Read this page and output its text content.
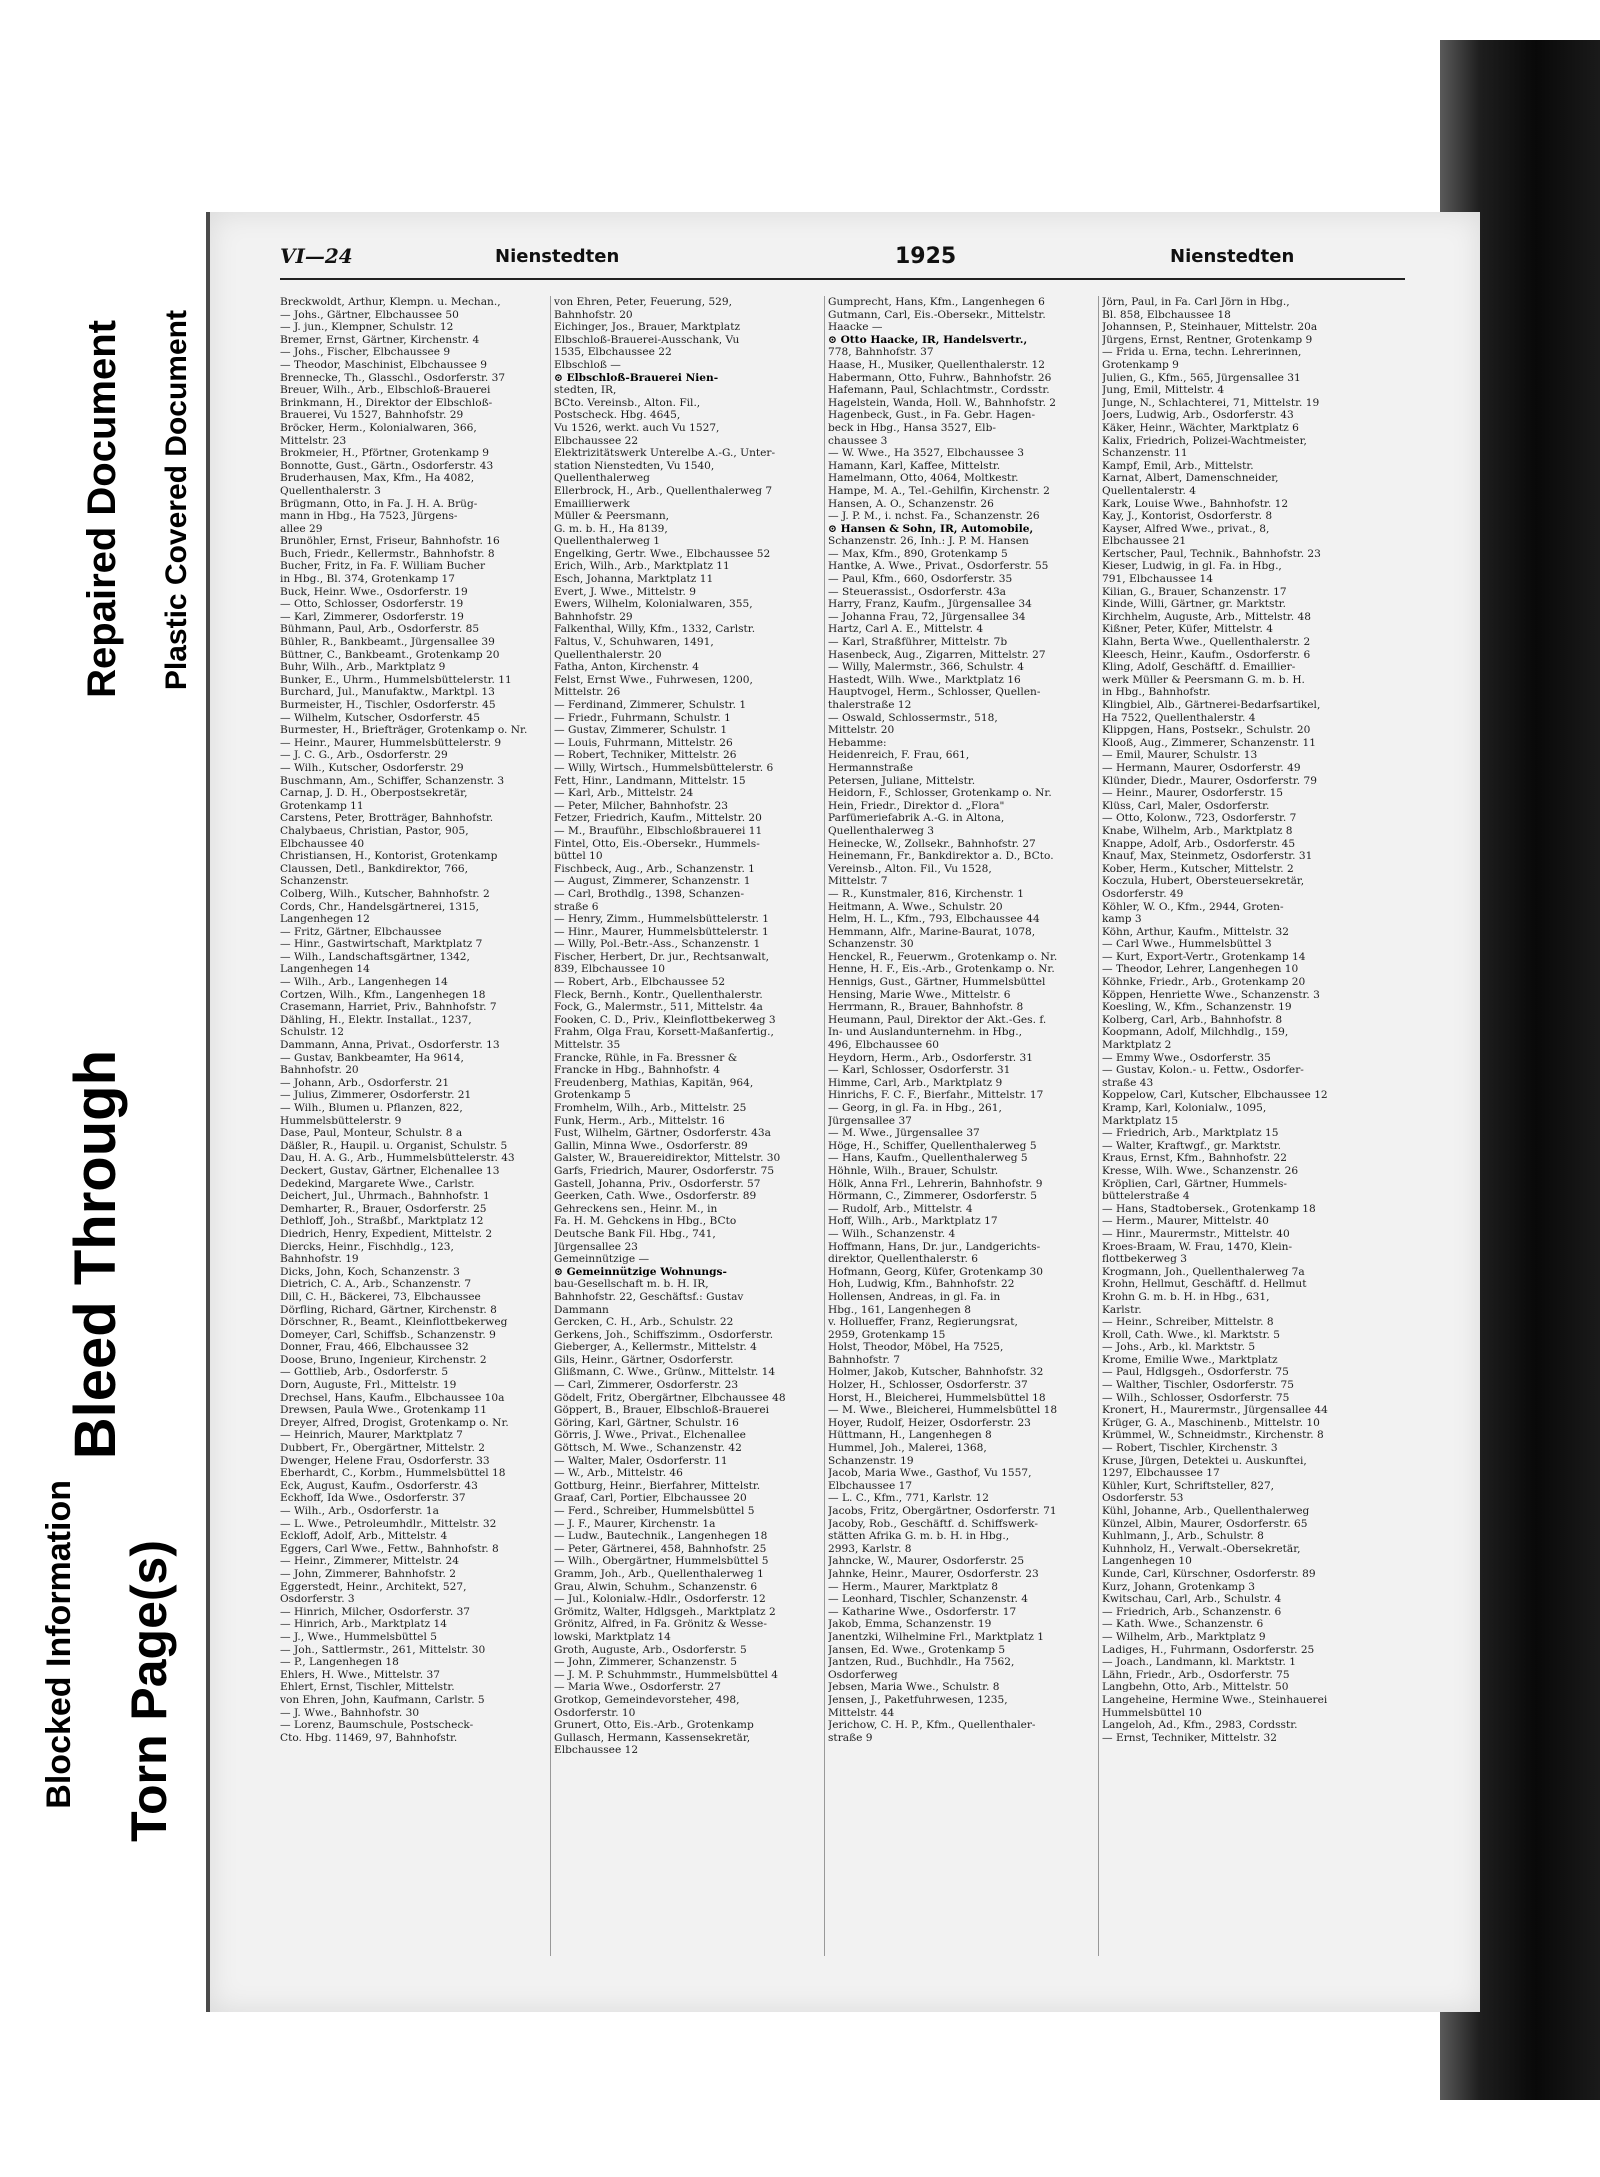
Repaired Document Plastic Covered Document
Bleed Through
Blocked Information Torn Page(s)
VI—24	Nienstedten	1925	Nienstedten
Breckwoldt, Arthur, Klempn. u. Mechan.,
— Johs., Gärtner, Elbchaussee 50
— J. jun., Klempner, Schulstr. 12
Bremer, Ernst, Gärtner, Kirchenstr. 4
— Johs., Fischer, Elbchaussee 9
— Theodor, Maschinist, Elbchaussee 9
Brennecke, Th., Glasschl., Osdorferstr. 37
Breuer, Wilh., Arb., Elbschloß-Brauerei
Brinkmann, H., Direktor der Elbschloß-
Brauerei, Vu 1527, Bahnhofstr. 29
Bröcker, Herm., Kolonialwaren, 366,
Mittelstr. 23
Brokmeier, H., Pförtner, Grotenkamp 9
Bonnotte, Gust., Gärtn., Osdorferstr. 43
Bruderhausen, Max, Kfm., Ha 4082,
Quellenthalerstr. 3
Brügmann, Otto, in Fa. J. H. A. Brüg-
mann in Hbg., Ha 7523, Jürgens-
allee 29
Brunöhler, Ernst, Friseur, Bahnhofstr. 16
Buch, Friedr., Kellermstr., Bahnhofstr. 8
Bucher, Fritz, in Fa. F. William Bucher
in Hbg., Bl. 374, Grotenkamp 17
Buck, Heinr. Wwe., Osdorferstr. 19
— Otto, Schlosser, Osdorferstr. 19
— Karl, Zimmerer, Osdorferstr. 19
Bühmann, Paul, Arb., Osdorferstr. 85
Bühler, R., Bankbeamt., Jürgensallee 39
Büttner, C., Bankbeamt., Grotenkamp 20
Buhr, Wilh., Arb., Marktplatz 9
Bunker, E., Uhrm., Hummelsbüttelerstr. 11
Burchard, Jul., Manufaktw., Marktpl. 13
Burmeister, H., Tischler, Osdorferstr. 45
— Wilhelm, Kutscher, Osdorferstr. 45
Burmester, H., Briefträger, Grotenkamp o. Nr.
— Heinr., Maurer, Hummelsbüttelerstr. 9
— J. C. G., Arb., Osdorferstr. 29
— Wilh., Kutscher, Osdorferstr. 29
Buschmann, Am., Schiffer, Schanzenstr. 3
Carnap, J. D. H., Oberpostsekretär,
Grotenkamp 11
Carstens, Peter, Brotträger, Bahnhofstr.
Chalybaeus, Christian, Pastor, 905,
Elbchaussee 40
Christiansen, H., Kontorist, Grotenkamp
Claussen, Detl., Bankdirektor, 766,
Schanzenstr.
Colberg, Wilh., Kutscher, Bahnhofstr. 2
Cords, Chr., Handelsgärtnerei, 1315,
Langenhegen 12
— Fritz, Gärtner, Elbchaussee
— Hinr., Gastwirtschaft, Marktplatz 7
— Wilh., Landschaftsgärtner, 1342,
Langenhegen 14
— Wilh., Arb., Langenhegen 14
Cortzen, Wilh., Kfm., Langenhegen 18
Crasemann, Harriet, Priv., Bahnhofstr. 7
Dähling, H., Elektr. Installat., 1237,
Schulstr. 12
Dammann, Anna, Privat., Osdorferstr. 13
— Gustav, Bankbeamter, Ha 9614,
Bahnhofstr. 20
— Johann, Arb., Osdorferstr. 21
— Julius, Zimmerer, Osdorferstr. 21
— Wilh., Blumen u. Pflanzen, 822,
Hummelsbüttelerstr. 9
Dase, Paul, Monteur, Schulstr. 8 a
Däßler, R., Haupil. u. Organist, Schulstr. 5
Dau, H. A. G., Arb., Hummelsbüttelerstr. 43
Deckert, Gustav, Gärtner, Elchenallee 13
Dedekind, Margarete Wwe., Carlstr.
Deichert, Jul., Uhrmach., Bahnhofstr. 1
Demharter, R., Brauer, Osdorferstr. 25
Dethloff, Joh., Straßbf., Marktplatz 12
Diedrich, Henry, Expedient, Mittelstr. 2
Diercks, Heinr., Fischhdlg., 123,
Bahnhofstr. 19
Dicks, John, Koch, Schanzenstr. 3
Dietrich, C. A., Arb., Schanzenstr. 7
Dill, C. H., Bäckerei, 73, Elbchaussee
Dörfling, Richard, Gärtner, Kirchenstr. 8
Dörschner, R., Beamt., Kleinflottbekerweg
Domeyer, Carl, Schiffsb., Schanzenstr. 9
Donner, Frau, 466, Elbchaussee 32
Doose, Bruno, Ingenieur, Kirchenstr. 2
— Gottlieb, Arb., Osdorferstr. 5
Dorn, Auguste, Frl., Mittelstr. 19
Drechsel, Hans, Kaufm., Elbchaussee 10a
Drewsen, Paula Wwe., Grotenkamp 11
Dreyer, Alfred, Drogist, Grotenkamp o. Nr.
— Heinrich, Maurer, Marktplatz 7
Dubbert, Fr., Obergärtner, Mittelstr. 2
Dwenger, Helene Frau, Osdorferstr. 33
Eberhardt, C., Korbm., Hummelsbüttel 18
Eck, August, Kaufm., Osdorferstr. 43
Eckhoff, Ida Wwe., Osdorferstr. 37
— Wilh., Arb., Osdorferstr. 1a
— L. Wwe., Petroleumhdlr., Mittelstr. 32
Eckloff, Adolf, Arb., Mittelstr. 4
Eggers, Carl Wwe., Fettw., Bahnhofstr. 8
— Heinr., Zimmerer, Mittelstr. 24
— John, Zimmerer, Bahnhofstr. 2
Eggerstedt, Heinr., Architekt, 527,
Osdorferstr. 3
— Hinrich, Milcher, Osdorferstr. 37
— Hinrich, Arb., Marktplatz 14
— J., Wwe., Hummelsbüttel 5
— Joh., Sattlermstr., 261, Mittelstr. 30
— P., Langenhegen 18
Ehlers, H. Wwe., Mittelstr. 37
Ehlert, Ernst, Tischler, Mittelstr.
von Ehren, John, Kaufmann, Carlstr. 5
— J. Wwe., Bahnhofstr. 30
— Lorenz, Baumschule, Postscheck-
Cto. Hbg. 11469, 97, Bahnhofstr.
von Ehren, Peter, Feuerung, 529,
Bahnhofstr. 20
Eichinger, Jos., Brauer, Marktplatz
Elbschloß-Brauerei-Ausschank, Vu
1535, Elbchaussee 22
Elbschloß —
⊙ Elbschloß-Brauerei Nien-
stedten, IR,
BCto. Vereinsb., Alton. Fil.,
Postscheck. Hbg. 4645,
Vu 1526, werkt. auch Vu 1527,
Elbchaussee 22
Elektrizitätswerk Unterelbe A.-G., Unter-
station Nienstedten, Vu 1540,
Quellenthalerweg
Ellerbrock, H., Arb., Quellenthalerweg 7
Emaillierwerk
Müller & Peersmann,
G. m. b. H., Ha 8139,
Quellenthalerweg 1
Engelking, Gertr. Wwe., Elbchaussee 52
Erich, Wilh., Arb., Marktplatz 11
Esch, Johanna, Marktplatz 11
Evert, J. Wwe., Mittelstr. 9
Ewers, Wilhelm, Kolonialwaren, 355,
Bahnhofstr. 29
Falkenthal, Willy, Kfm., 1332, Carlstr.
Faltus, V., Schuhwaren, 1491,
Quellenthalerstr. 20
Fatha, Anton, Kirchenstr. 4
Felst, Ernst Wwe., Fuhrwesen, 1200,
Mittelstr. 26
— Ferdinand, Zimmerer, Schulstr. 1
— Friedr., Fuhrmann, Schulstr. 1
— Gustav, Zimmerer, Schulstr. 1
— Louis, Fuhrmann, Mittelstr. 26
— Robert, Techniker, Mittelstr. 26
— Willy, Wirtsch., Hummelsbüttelerstr. 6
Fett, Hinr., Landmann, Mittelstr. 15
— Karl, Arb., Mittelstr. 24
— Peter, Milcher, Bahnhofstr. 23
Fetzer, Friedrich, Kaufm., Mittelstr. 20
— M., Brauführ., Elbschloßbrauerei 11
Fintel, Otto, Eis.-Obersekr., Hummels-
büttel 10
Fischbeck, Aug., Arb., Schanzenstr. 1
— August, Zimmerer, Schanzenstr. 1
— Carl, Brothdlg., 1398, Schanzen-
straße 6
— Henry, Zimm., Hummelsbüttelerstr. 1
— Hinr., Maurer, Hummelsbüttelerstr. 1
— Willy, Pol.-Betr.-Ass., Schanzenstr. 1
Fischer, Herbert, Dr. jur., Rechtsanwalt,
839, Elbchaussee 10
— Robert, Arb., Elbchaussee 52
Fleck, Bernh., Kontr., Quellenthalerstr.
Fock, G., Malermstr., 511, Mittelstr. 4a
Fooken, C. D., Priv., Kleinflottbekerweg 3
Frahm, Olga Frau, Korsett-Maßanfertig.,
Mittelstr. 35
Francke, Rühle, in Fa. Bressner &
Francke in Hbg., Bahnhofstr. 4
Freudenberg, Mathias, Kapitän, 964,
Grotenkamp 5
Fromhelm, Wilh., Arb., Mittelstr. 25
Funk, Herm., Arb., Mittelstr. 16
Fust, Wilhelm, Gärtner, Osdorferstr. 43a
Gallin, Minna Wwe., Osdorferstr. 89
Galster, W., Brauereidirektor, Mittelstr. 30
Garfs, Friedrich, Maurer, Osdorferstr. 75
Gastell, Johanna, Priv., Osdorferstr. 57
Geerken, Cath. Wwe., Osdorferstr. 89
Gehreckens sen., Heinr. M., in
Fa. H. M. Gehckens in Hbg., BCto
Deutsche Bank Fil. Hbg., 741,
Jürgensallee 23
Gemeinnützige —
⊙ Gemeinnützige Wohnungs-
bau-Gesellschaft m. b. H. IR,
Bahnhofstr. 22, Geschäftsf.: Gustav
Dammann
Gercken, C. H., Arb., Schulstr. 22
Gerkens, Joh., Schiffszimm., Osdorferstr.
Gieberger, A., Kellermstr., Mittelstr. 4
Gils, Heinr., Gärtner, Osdorferstr.
Glißmann, C. Wwe., Grünw., Mittelstr. 14
— Carl, Zimmerer, Osdorferstr. 23
Gödelt, Fritz, Obergärtner, Elbchaussee 48
Göppert, B., Brauer, Elbschloß-Brauerei
Göring, Karl, Gärtner, Schulstr. 16
Görris, J. Wwe., Privat., Elchenallee
Göttsch, M. Wwe., Schanzenstr. 42
— Walter, Maler, Osdorferstr. 11
— W., Arb., Mittelstr. 46
Gottburg, Heinr., Bierfahrer, Mittelstr.
Graaf, Carl, Portier, Elbchaussee 20
— Ferd., Schreiber, Hummelsbüttel 5
— J. F., Maurer, Kirchenstr. 1a
— Ludw., Bautechnik., Langenhegen 18
— Peter, Gärtnerei, 458, Bahnhofstr. 25
— Wilh., Obergärtner, Hummelsbüttel 5
Gramm, Joh., Arb., Quellenthalerweg 1
Grau, Alwin, Schuhm., Schanzenstr. 6
— Jul., Kolonialw.-Hdlr., Osdorferstr. 12
Grömitz, Walter, Hdlgsgeh., Marktplatz 2
Grönitz, Alfred, in Fa. Grönitz & Wesse-
lowski, Marktplatz 14
Groth, Auguste, Arb., Osdorferstr. 5
— John, Zimmerer, Schanzenstr. 5
— J. M. P. Schuhmmstr., Hummelsbüttel 4
— Maria Wwe., Osdorferstr. 27
Grotkop, Gemeindevorsteher, 498,
Osdorferstr. 10
Grunert, Otto, Eis.-Arb., Grotenkamp
Gullasch, Hermann, Kassensekretär,
Elbchaussee 12
Gumprecht, Hans, Kfm., Langenhegen 6
Gutmann, Carl, Eis.-Obersekr., Mittelstr.
Haacke —
⊙ Otto Haacke, IR, Handelsvertr.,
778, Bahnhofstr. 37
Haase, H., Musiker, Quellenthalerstr. 12
Habermann, Otto, Fuhrw., Bahnhofstr. 26
Hafemann, Paul, Schlachtmstr., Cordsstr.
Hagelstein, Wanda, Holl. W., Bahnhofstr. 2
Hagenbeck, Gust., in Fa. Gebr. Hagen-
beck in Hbg., Hansa 3527, Elb-
chaussee 3
— W. Wwe., Ha 3527, Elbchaussee 3
Hamann, Karl, Kaffee, Mittelstr.
Hamelmann, Otto, 4064, Moltkestr.
Hampe, M. A., Tel.-Gehilfin, Kirchenstr. 2
Hansen, A. O., Schanzenstr. 26
— J. P. M., i. nchst. Fa., Schanzenstr. 26
⊙ Hansen & Sohn, IR, Automobile,
Schanzenstr. 26, Inh.: J. P. M. Hansen
— Max, Kfm., 890, Grotenkamp 5
Hantke, A. Wwe., Privat., Osdorferstr. 55
— Paul, Kfm., 660, Osdorferstr. 35
— Steuerassist., Osdorferstr. 43a
Harry, Franz, Kaufm., Jürgensallee 34
— Johanna Frau, 72, Jürgensallee 34
Hartz, Carl A. E., Mittelstr. 4
— Karl, Straßführer, Mittelstr. 7b
Hasenbeck, Aug., Zigarren, Mittelstr. 27
— Willy, Malermstr., 366, Schulstr. 4
Hastedt, Wilh. Wwe., Marktplatz 16
Hauptvogel, Herm., Schlosser, Quellen-
thalerstraße 12
— Oswald, Schlossermstr., 518,
Mittelstr. 20
Hebamme:
Heidenreich, F. Frau, 661,
Hermannstraße
Petersen, Juliane, Mittelstr.
Heidorn, F., Schlosser, Grotenkamp o. Nr.
Hein, Friedr., Direktor d. „Flora"
Parfümeriefabrik A.-G. in Altona,
Quellenthalerweg 3
Heinecke, W., Zollsekr., Bahnhofstr. 27
Heinemann, Fr., Bankdirektor a. D., BCto.
Vereinsb., Alton. Fil., Vu 1528,
Mittelstr. 7
— R., Kunstmaler, 816, Kirchenstr. 1
Heitmann, A. Wwe., Schulstr. 20
Helm, H. L., Kfm., 793, Elbchaussee 44
Hemmann, Alfr., Marine-Baurat, 1078,
Schanzenstr. 30
Henckel, R., Feuerwm., Grotenkamp o. Nr.
Henne, H. F., Eis.-Arb., Grotenkamp o. Nr.
Hennigs, Gust., Gärtner, Hummelsbüttel
Hensing, Marie Wwe., Mittelstr. 6
Herrmann, R., Brauer, Bahnhofstr. 8
Heumann, Paul, Direktor der Akt.-Ges. f.
In- und Auslandunternehm. in Hbg.,
496, Elbchaussee 60
Heydorn, Herm., Arb., Osdorferstr. 31
— Karl, Schlosser, Osdorferstr. 31
Himme, Carl, Arb., Marktplatz 9
Hinrichs, F. C. F., Bierfahr., Mittelstr. 17
— Georg, in gl. Fa. in Hbg., 261,
Jürgensallee 37
— M. Wwe., Jürgensallee 37
Höge, H., Schiffer, Quellenthalerweg 5
— Hans, Kaufm., Quellenthalerweg 5
Höhnle, Wilh., Brauer, Schulstr.
Hölk, Anna Frl., Lehrerin, Bahnhofstr. 9
Hörmann, C., Zimmerer, Osdorferstr. 5
— Rudolf, Arb., Mittelstr. 4
Hoff, Wilh., Arb., Marktplatz 17
— Wilh., Schanzenstr. 4
Hoffmann, Hans, Dr. jur., Landgerichts-
direktor, Quellenthalerstr. 6
Hofmann, Georg, Küfer, Grotenkamp 30
Hoh, Ludwig, Kfm., Bahnhofstr. 22
Hollensen, Andreas, in gl. Fa. in
Hbg., 161, Langenhegen 8
v. Hollueffer, Franz, Regierungsrat,
2959, Grotenkamp 15
Holst, Theodor, Möbel, Ha 7525,
Bahnhofstr. 7
Holmer, Jakob, Kutscher, Bahnhofstr. 32
Holzer, H., Schlosser, Osdorferstr. 37
Horst, H., Bleicherei, Hummelsbüttel 18
— M. Wwe., Bleicherei, Hummelsbüttel 18
Hoyer, Rudolf, Heizer, Osdorferstr. 23
Hüttmann, H., Langenhegen 8
Hummel, Joh., Malerei, 1368,
Schanzenstr. 19
Jacob, Maria Wwe., Gasthof, Vu 1557,
Elbchaussee 17
— L. C., Kfm., 771, Karlstr. 12
Jacobs, Fritz, Obergärtner, Osdorferstr. 71
Jacoby, Rob., Geschäftf. d. Schiffswerk-
stätten Afrika G. m. b. H. in Hbg.,
2993, Karlstr. 8
Jahncke, W., Maurer, Osdorferstr. 25
Jahnke, Heinr., Maurer, Osdorferstr. 23
— Herm., Maurer, Marktplatz 8
— Leonhard, Tischler, Schanzenstr. 4
— Katharine Wwe., Osdorferstr. 17
Jakob, Emma, Schanzenstr. 19
Janentzki, Wilhelmine Frl., Marktplatz 1
Jansen, Ed. Wwe., Grotenkamp 5
Jantzen, Rud., Buchhdlr., Ha 7562,
Osdorferweg
Jebsen, Maria Wwe., Schulstr. 8
Jensen, J., Paketfuhrwesen, 1235,
Mittelstr. 44
Jerichow, C. H. P., Kfm., Quellenthaler-
straße 9
Jörn, Paul, in Fa. Carl Jörn in Hbg.,
Bl. 858, Elbchaussee 18
Johannsen, P., Steinhauer, Mittelstr. 20a
Jürgens, Ernst, Rentner, Grotenkamp 9
— Frida u. Erna, techn. Lehrerinnen,
Grotenkamp 9
Julien, G., Kfm., 565, Jürgensallee 31
Jung, Emil, Mittelstr. 4
Junge, N., Schlachterei, 71, Mittelstr. 19
Joers, Ludwig, Arb., Osdorferstr. 43
Käker, Heinr., Wächter, Marktplatz 6
Kalix, Friedrich, Polizei-Wachtmeister,
Schanzenstr. 11
Kampf, Emil, Arb., Mittelstr.
Karnat, Albert, Damenschneider,
Quellentalerstr. 4
Kark, Louise Wwe., Bahnhofstr. 12
Kay, J., Kontorist, Osdorferstr. 8
Kayser, Alfred Wwe., privat., 8,
Elbchaussee 21
Kertscher, Paul, Technik., Bahnhofstr. 23
Kieser, Ludwig, in gl. Fa. in Hbg.,
791, Elbchaussee 14
Kilian, G., Brauer, Schanzenstr. 17
Kinde, Willi, Gärtner, gr. Marktstr.
Kirchhelm, Auguste, Arb., Mittelstr. 48
Kißner, Peter, Küfer, Mittelstr. 4
Klahn, Berta Wwe., Quellenthalerstr. 2
Kleesch, Heinr., Kaufm., Osdorferstr. 6
Kling, Adolf, Geschäftf. d. Emaillier-
werk Müller & Peersmann G. m. b. H.
in Hbg., Bahnhofstr.
Klingbiel, Alb., Gärtnerei-Bedarfsartikel,
Ha 7522, Quellenthalerstr. 4
Klippgen, Hans, Postsekr., Schulstr. 20
Klooß, Aug., Zimmerer, Schanzenstr. 11
— Emil, Maurer, Schulstr. 13
— Hermann, Maurer, Osdorferstr. 49
Klünder, Diedr., Maurer, Osdorferstr. 79
— Heinr., Maurer, Osdorferstr. 15
Klüss, Carl, Maler, Osdorferstr.
— Otto, Kolonw., 723, Osdorferstr. 7
Knabe, Wilhelm, Arb., Marktplatz 8
Knappe, Adolf, Arb., Osdorferstr. 45
Knauf, Max, Steinmetz, Osdorferstr. 31
Kober, Herm., Kutscher, Mittelstr. 2
Koczula, Hubert, Obersteuersekretär,
Osdorferstr. 49
Köhler, W. O., Kfm., 2944, Groten-
kamp 3
Köhn, Arthur, Kaufm., Mittelstr. 32
— Carl Wwe., Hummelsbüttel 3
— Kurt, Export-Vertr., Grotenkamp 14
— Theodor, Lehrer, Langenhegen 10
Köhnke, Friedr., Arb., Grotenkamp 20
Köppen, Henriette Wwe., Schanzenstr. 3
Koesling, W., Kfm., Schanzenstr. 19
Kolberg, Carl, Arb., Bahnhofstr. 8
Koopmann, Adolf, Milchhdlg., 159,
Marktplatz 2
— Emmy Wwe., Osdorferstr. 35
— Gustav, Kolon.- u. Fettw., Osdorfer-
straße 43
Koppelow, Carl, Kutscher, Elbchaussee 12
Kramp, Karl, Kolonialw., 1095,
Marktplatz 15
— Friedrich, Arb., Marktplatz 15
— Walter, Kraftwgf., gr. Marktstr.
Kraus, Ernst, Kfm., Bahnhofstr. 22
Kresse, Wilh. Wwe., Schanzenstr. 26
Kröplien, Carl, Gärtner, Hummels-
büttelerstraße 4
— Hans, Stadtobersek., Grotenkamp 18
— Herm., Maurer, Mittelstr. 40
— Hinr., Maurermstr., Mittelstr. 40
Kroes-Braam, W. Frau, 1470, Klein-
flottbekerweg 3
Krogmann, Joh., Quellenthalerweg 7a
Krohn, Hellmut, Geschäftf. d. Hellmut
Krohn G. m. b. H. in Hbg., 631,
Karlstr.
— Heinr., Schreiber, Mittelstr. 8
Kroll, Cath. Wwe., kl. Marktstr. 5
— Johs., Arb., kl. Marktstr. 5
Krome, Emilie Wwe., Marktplatz
— Paul, Hdlgsgeh., Osdorferstr. 75
— Walther, Tischler, Osdorferstr. 75
— Wilh., Schlosser, Osdorferstr. 75
Kronert, H., Maurermstr., Jürgensallee 44
Krüger, G. A., Maschinenb., Mittelstr. 10
Krümmel, W., Schneidmstr., Kirchenstr. 8
— Robert, Tischler, Kirchenstr. 3
Kruse, Jürgen, Detektei u. Auskunftei,
1297, Elbchaussee 17
Kühler, Kurt, Schriftsteller, 827,
Osdorferstr. 53
Kühl, Johanne, Arb., Quellenthalerweg
Künzel, Albin, Maurer, Osdorferstr. 65
Kuhlmann, J., Arb., Schulstr. 8
Kuhnholz, H., Verwalt.-Obersekretär,
Langenhegen 10
Kunde, Carl, Kürschner, Osdorferstr. 89
Kurz, Johann, Grotenkamp 3
Kwitschau, Carl, Arb., Schulstr. 4
— Friedrich, Arb., Schanzenstr. 6
— Kath. Wwe., Schanzenstr. 6
— Wilhelm, Arb., Marktplatz 9
Ladiges, H., Fuhrmann, Osdorferstr. 25
— Joach., Landmann, kl. Marktstr. 1
Lähn, Friedr., Arb., Osdorferstr. 75
Langbehn, Otto, Arb., Mittelstr. 50
Langeheine, Hermine Wwe., Steinhauerei
Hummelsbüttel 10
Langeloh, Ad., Kfm., 2983, Cordsstr.
— Ernst, Techniker, Mittelstr. 32
